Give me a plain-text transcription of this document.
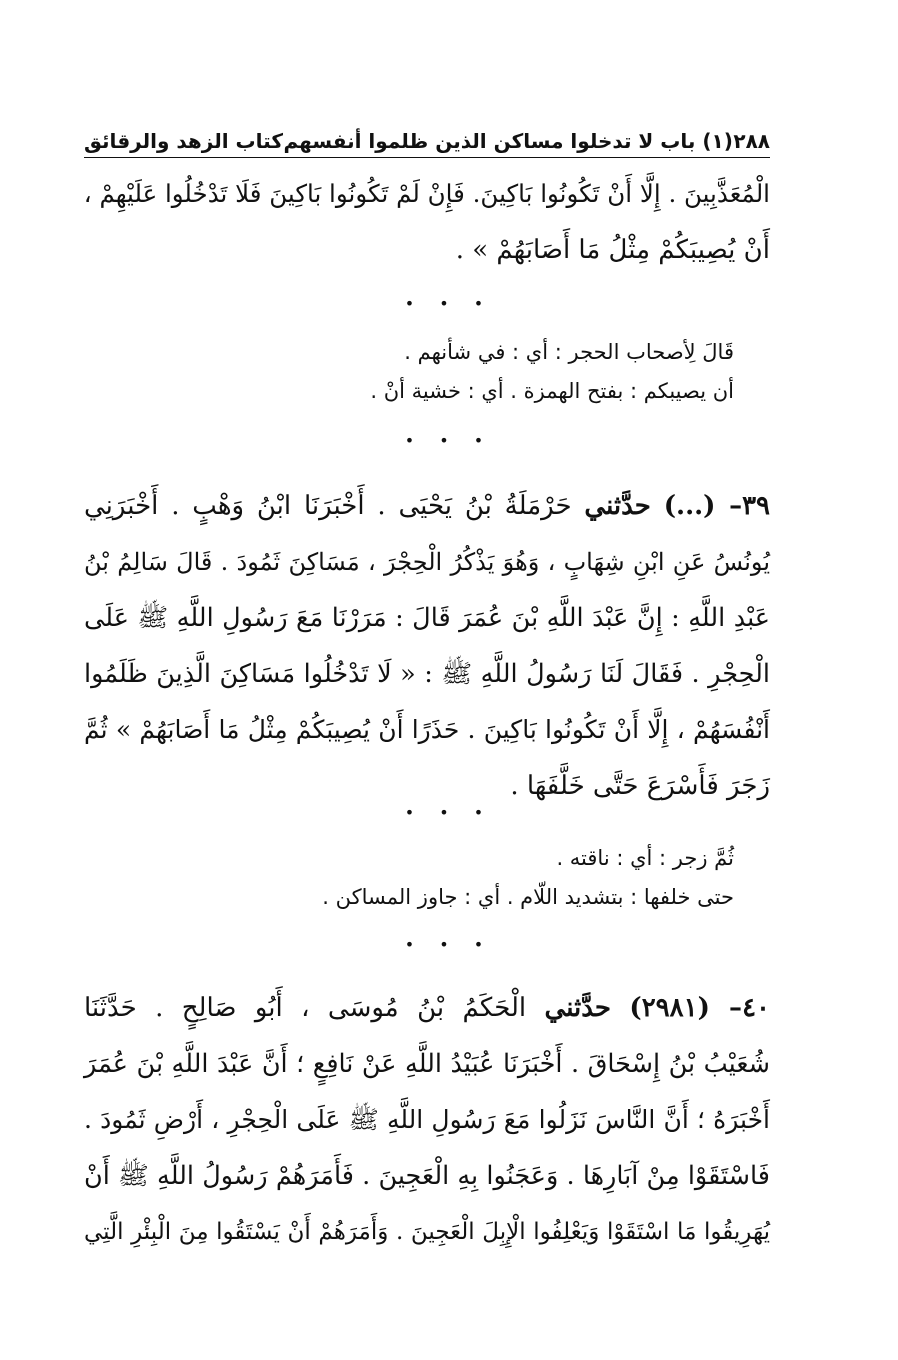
٢٨٨
(١) باب لا تدخلوا مساكن الذين ظلموا أنفسهم
كتاب الزهد والرقائق
الْمُعَذَّبِينَ . إِلَّا أَنْ تَكُونُوا بَاكِينَ. فَإِنْ لَمْ تَكُونُوا بَاكِينَ فَلَا تَدْخُلُوا عَلَيْهِمْ ،
أَنْ يُصِيبَكُمْ مِثْلُ مَا أَصَابَهُمْ » .
• • •
قَالَ لِأصحاب الحجر : أي : في شأنهم .
أن يصيبكم : بفتح الهمزة . أي : خشية أنْ .
• • •
٣٩– (...) حدَّثني حَرْمَلَةُ بْنُ يَحْيَى . أَخْبَرَنَا ابْنُ وَهْبٍ . أَخْبَرَنِي
يُونُسُ عَنِ ابْنِ شِهَابٍ ، وَهُوَ يَذْكُرُ الْحِجْرَ ، مَسَاكِنَ ثَمُودَ . قَالَ سَالِمُ بْنُ
عَبْدِ اللَّهِ : إِنَّ عَبْدَ اللَّهِ بْنَ عُمَرَ قَالَ : مَرَرْنَا مَعَ رَسُولِ اللَّهِ ﷺ عَلَى
الْحِجْرِ . فَقَالَ لَنَا رَسُولُ اللَّهِ ﷺ : « لَا تَدْخُلُوا مَسَاكِنَ الَّذِينَ ظَلَمُوا
أَنْفُسَهُمْ ، إِلَّا أَنْ تَكُونُوا بَاكِينَ . حَذَرًا أَنْ يُصِيبَكُمْ مِثْلُ مَا أَصَابَهُمْ » ثُمَّ
زَجَرَ فَأَسْرَعَ حَتَّى خَلَّفَهَا .
• • •
ثُمَّ زجر : أي : ناقته .
حتى خلفها : بتشديد اللّام . أي : جاوز المساكن .
• • •
٤٠– (٢٩٨١) حدَّثني الْحَكَمُ بْنُ مُوسَى ، أَبُو صَالِحٍ . حَدَّثَنَا
شُعَيْبُ بْنُ إِسْحَاقَ . أَخْبَرَنَا عُبَيْدُ اللَّهِ عَنْ نَافِعٍ ؛ أَنَّ عَبْدَ اللَّهِ بْنَ عُمَرَ
أَخْبَرَهُ ؛ أَنَّ النَّاسَ نَزَلُوا مَعَ رَسُولِ اللَّهِ ﷺ عَلَى الْحِجْرِ ، أَرْضِ ثَمُودَ .
فَاسْتَقَوْا مِنْ آبَارِهَا . وَعَجَنُوا بِهِ الْعَجِينَ . فَأَمَرَهُمْ رَسُولُ اللَّهِ ﷺ أَنْ
يُهَرِيقُوا مَا اسْتَقَوْا وَيَعْلِفُوا الْإِبِلَ الْعَجِينَ . وَأَمَرَهُمْ أَنْ يَسْتَقُوا مِنَ الْبِئْرِ الَّتِي
